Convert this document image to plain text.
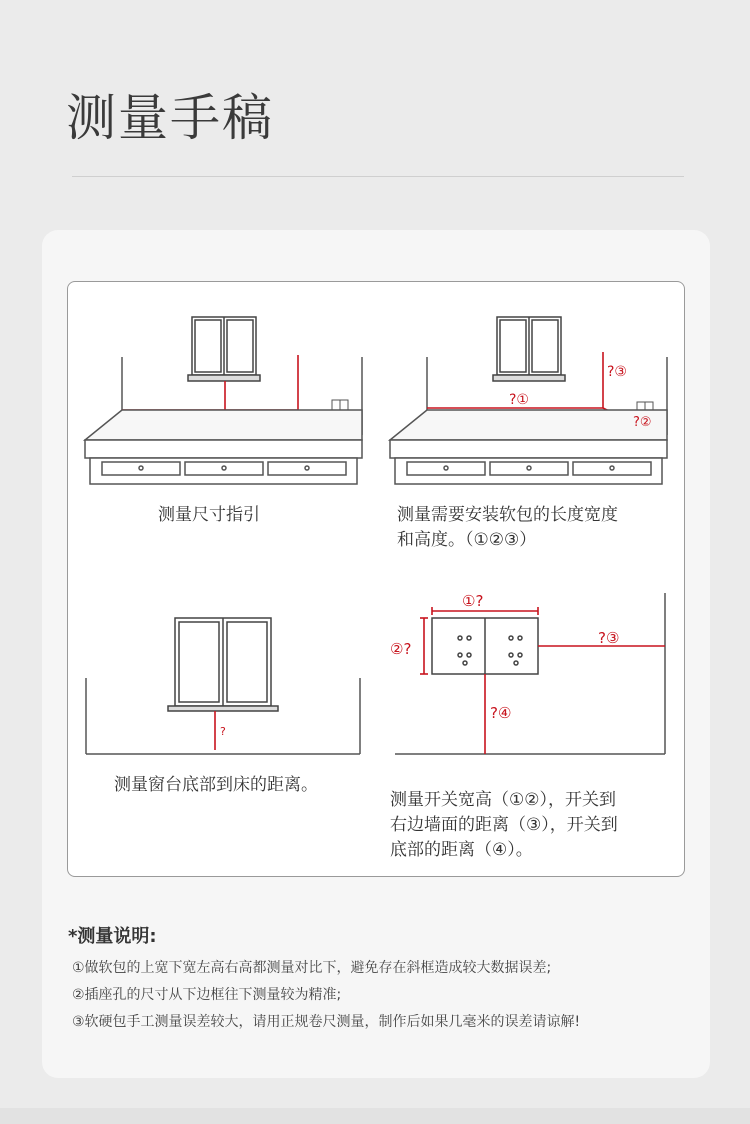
测量手稿
测量尺寸指引
?①
?③
?②
测量需要安装软包的长度宽度
和高度。（①②③）
?
测量窗台底部到床的距离。
①?
②?
?③
?④
测量开关宽高（①②），开关到
右边墙面的距离（③），开关到
底部的距离（④）。
*测量说明:
①做软包的上宽下宽左高右高都测量对比下，避免存在斜框造成较大数据误差;
②插座孔的尺寸从下边框往下测量较为精准;
③软硬包手工测量误差较大，请用正规卷尺测量，制作后如果几毫米的误差请谅解!
